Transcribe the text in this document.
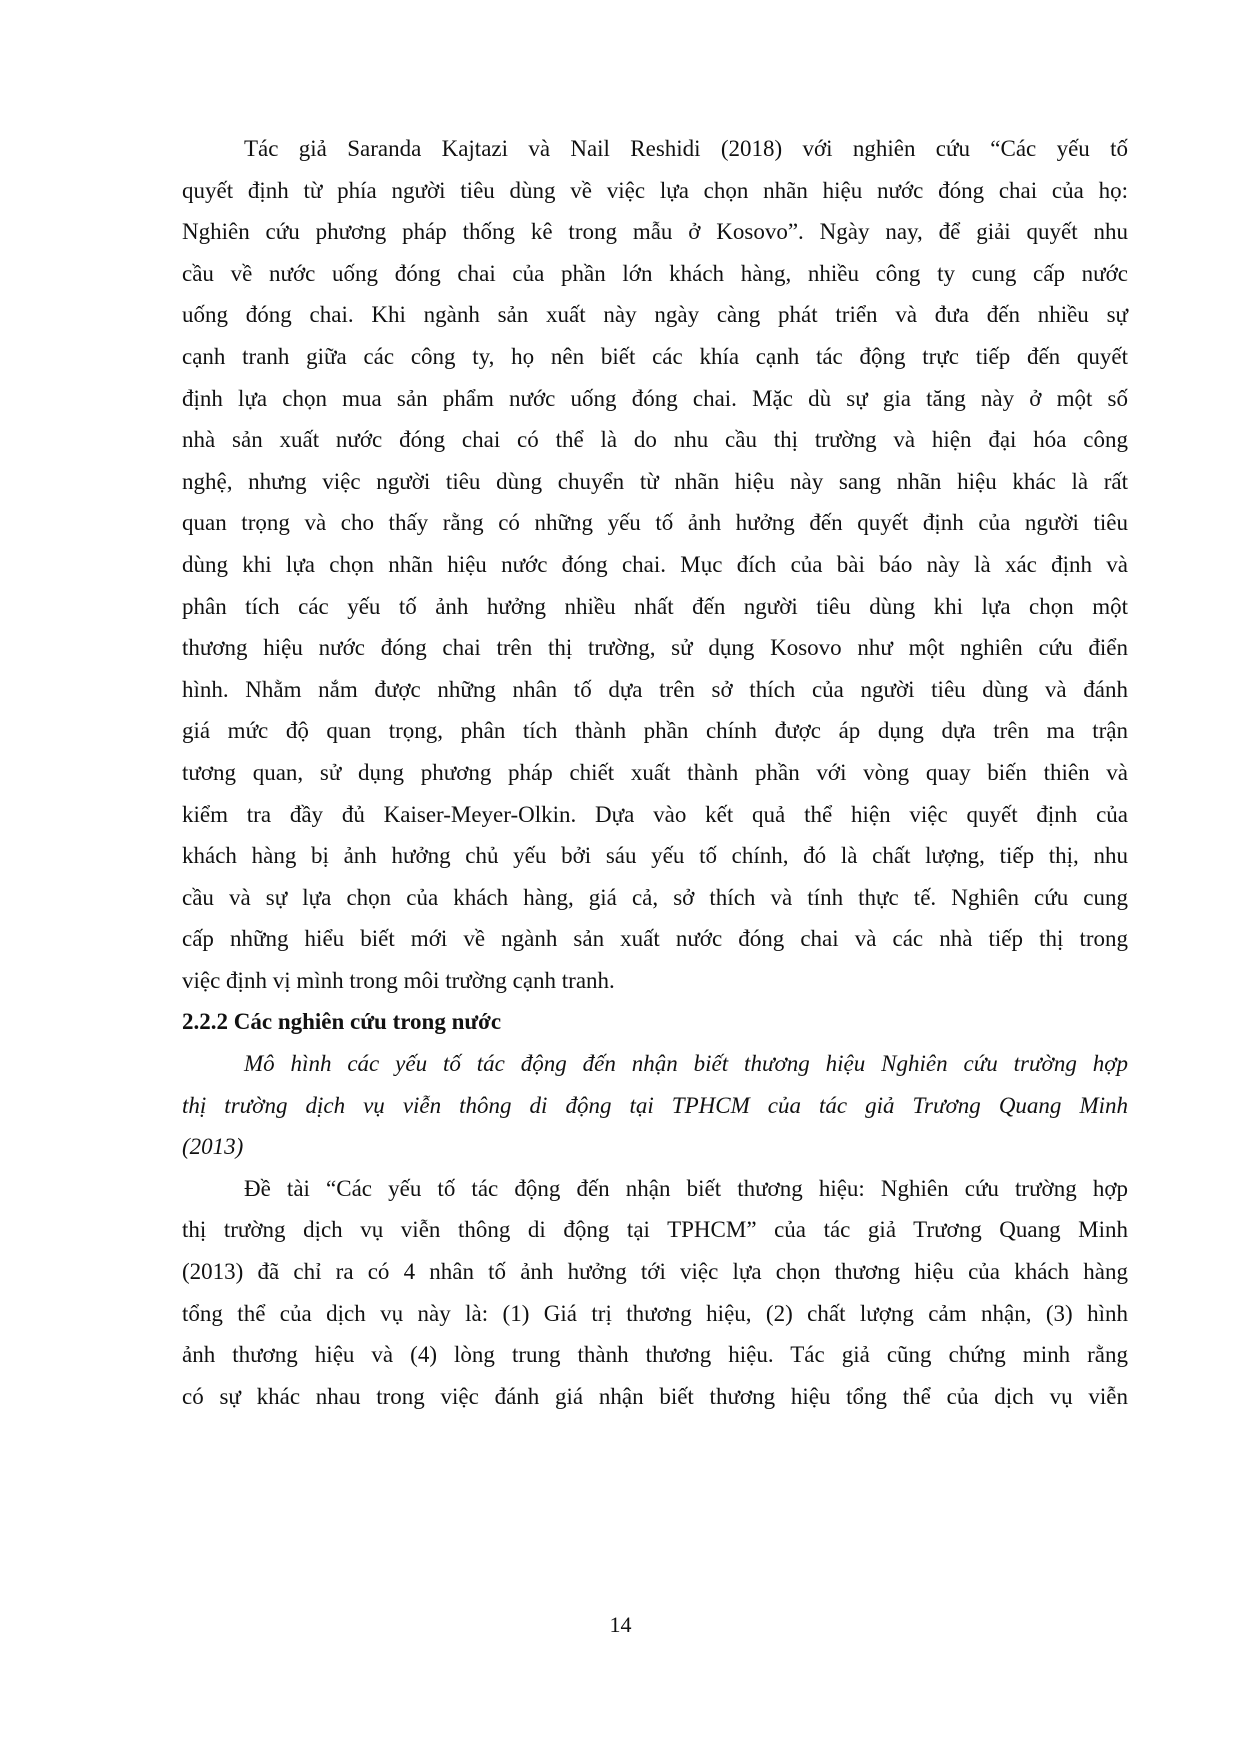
Tác giả Saranda Kajtazi và Nail Reshidi (2018) với nghiên cứu “Các yếu tố
quyết định từ phía người tiêu dùng về việc lựa chọn nhãn hiệu nước đóng chai của họ:
Nghiên cứu phương pháp thống kê trong mẫu ở Kosovo”. Ngày nay, để giải quyết nhu
cầu về nước uống đóng chai của phần lớn khách hàng, nhiều công ty cung cấp nước
uống đóng chai. Khi ngành sản xuất này ngày càng phát triển và đưa đến nhiều sự
cạnh tranh giữa các công ty, họ nên biết các khía cạnh tác động trực tiếp đến quyết
định lựa chọn mua sản phẩm nước uống đóng chai. Mặc dù sự gia tăng này ở một số
nhà sản xuất nước đóng chai có thể là do nhu cầu thị trường và hiện đại hóa công
nghệ, nhưng việc người tiêu dùng chuyển từ nhãn hiệu này sang nhãn hiệu khác là rất
quan trọng và cho thấy rằng có những yếu tố ảnh hưởng đến quyết định của người tiêu
dùng khi lựa chọn nhãn hiệu nước đóng chai. Mục đích của bài báo này là xác định và
phân tích các yếu tố ảnh hưởng nhiều nhất đến người tiêu dùng khi lựa chọn một
thương hiệu nước đóng chai trên thị trường, sử dụng Kosovo như một nghiên cứu điển
hình. Nhằm nắm được những nhân tố dựa trên sở thích của người tiêu dùng và đánh
giá mức độ quan trọng, phân tích thành phần chính được áp dụng dựa trên ma trận
tương quan, sử dụng phương pháp chiết xuất thành phần với vòng quay biến thiên và
kiểm tra đầy đủ Kaiser-Meyer-Olkin. Dựa vào kết quả thể hiện việc quyết định của
khách hàng bị ảnh hưởng chủ yếu bởi sáu yếu tố chính, đó là chất lượng, tiếp thị, nhu
cầu và sự lựa chọn của khách hàng, giá cả, sở thích và tính thực tế. Nghiên cứu cung
cấp những hiểu biết mới về ngành sản xuất nước đóng chai và các nhà tiếp thị trong
việc định vị mình trong môi trường cạnh tranh.
2.2.2 Các nghiên cứu trong nước
Mô hình các yếu tố tác động đến nhận biết thương hiệu Nghiên cứu trường hợp
thị trường dịch vụ viễn thông di động tại TPHCM của tác giả Trương Quang Minh
(2013)
Đề tài “Các yếu tố tác động đến nhận biết thương hiệu: Nghiên cứu trường hợp
thị trường dịch vụ viễn thông di động tại TPHCM” của tác giả Trương Quang Minh
(2013) đã chỉ ra có 4 nhân tố ảnh hưởng tới việc lựa chọn thương hiệu của khách hàng
tổng thể của dịch vụ này là: (1) Giá trị thương hiệu, (2) chất lượng cảm nhận, (3) hình
ảnh thương hiệu và (4) lòng trung thành thương hiệu. Tác giả cũng chứng minh rằng
có sự khác nhau trong việc đánh giá nhận biết thương hiệu tổng thể của dịch vụ viễn
14
